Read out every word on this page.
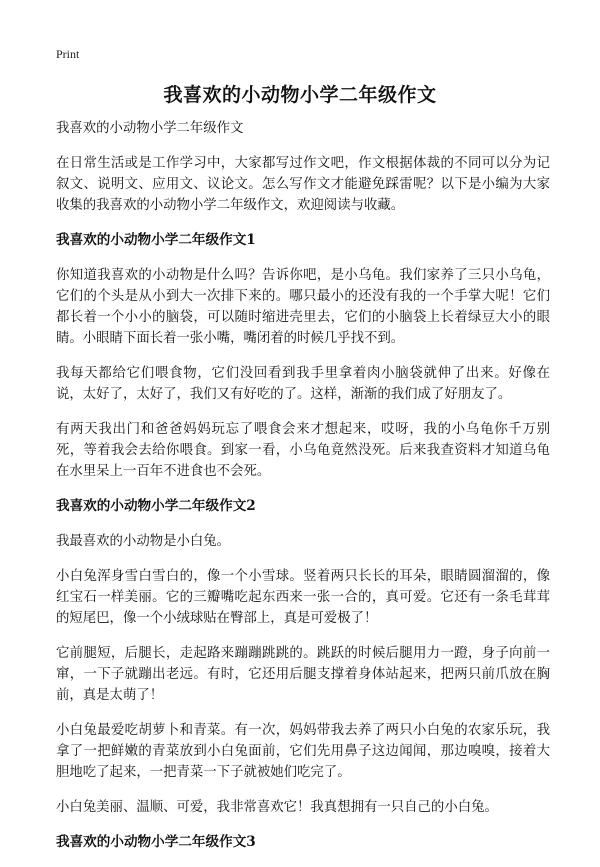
Print
我喜欢的小动物小学二年级作文

我喜欢的小动物小学二年级作文

在日常生活或是工作学习中，大家都写过作文吧，作文根据体裁的不同可以分为记叙文、说明文、应用文、议论文。怎么写作文才能避免踩雷呢？以下是小编为大家收集的我喜欢的小动物小学二年级作文，欢迎阅读与收藏。

我喜欢的小动物小学二年级作文1

你知道我喜欢的小动物是什么吗？告诉你吧，是小乌龟。我们家养了三只小乌龟，它们的个头是从小到大一次排下来的。哪只最小的还没有我的一个手掌大呢！它们都长着一个小小的脑袋，可以随时缩进壳里去，它们的小脑袋上长着绿豆大小的眼睛。小眼睛下面长着一张小嘴，嘴闭着的时候几乎找不到。

我每天都给它们喂食物，它们没回看到我手里拿着肉小脑袋就伸了出来。好像在说，太好了，太好了，我们又有好吃的了。这样，渐渐的我们成了好朋友了。

有两天我出门和爸爸妈妈玩忘了喂食会来才想起来，哎呀，我的小乌龟你千万别死，等着我会去给你喂食。到家一看，小乌龟竟然没死。后来我查资料才知道乌龟在水里呆上一百年不进食也不会死。

我喜欢的小动物小学二年级作文2

我最喜欢的小动物是小白兔。

小白兔浑身雪白雪白的，像一个小雪球。竖着两只长长的耳朵，眼睛圆溜溜的，像红宝石一样美丽。它的三瓣嘴吃起东西来一张一合的，真可爱。它还有一条毛茸茸的短尾巴，像一个小绒球贴在臀部上，真是可爱极了！

它前腿短，后腿长，走起路来蹦蹦跳跳的。跳跃的时候后腿用力一蹬，身子向前一窜，一下子就蹦出老远。有时，它还用后腿支撑着身体站起来，把两只前爪放在胸前，真是太萌了！

小白兔最爱吃胡萝卜和青菜。有一次，妈妈带我去养了两只小白兔的农家乐玩，我拿了一把鲜嫩的青菜放到小白兔面前，它们先用鼻子这边闻闻，那边嗅嗅，接着大胆地吃了起来，一把青菜一下子就被她们吃完了。

小白兔美丽、温顺、可爱，我非常喜欢它！我真想拥有一只自己的小白兔。

我喜欢的小动物小学二年级作文3
